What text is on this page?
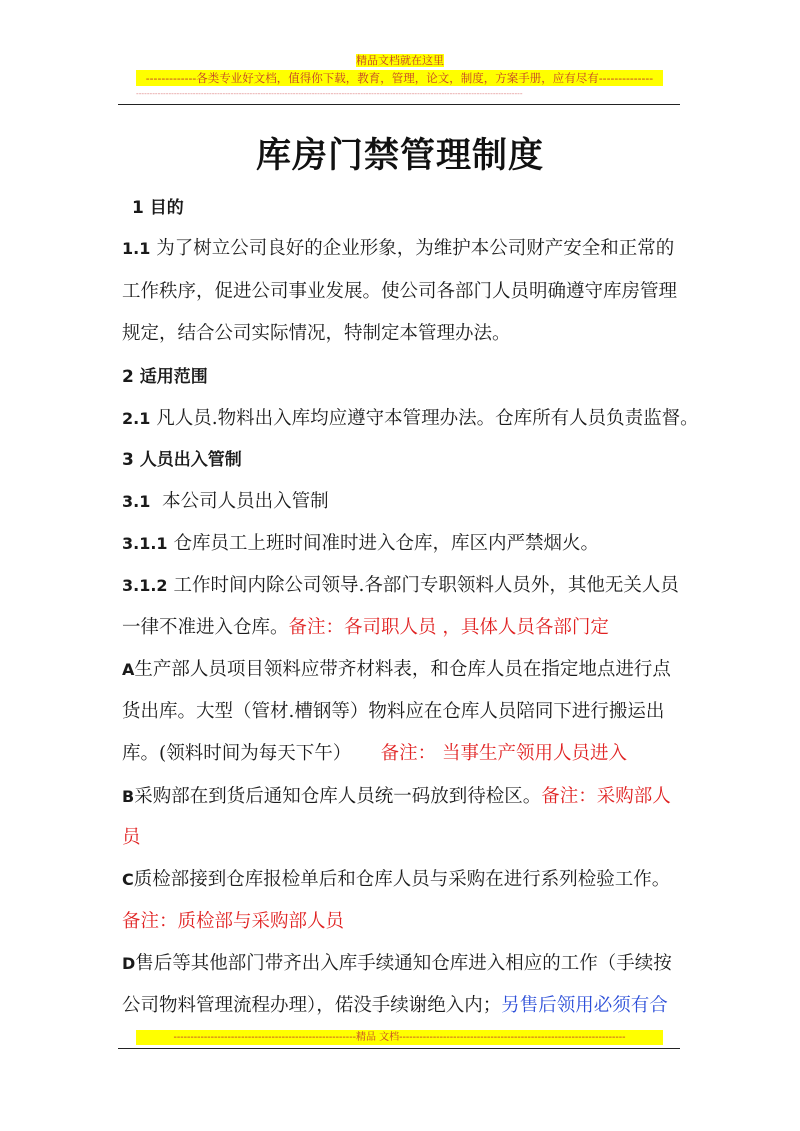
精品文档就在这里
-------------各类专业好文档，值得你下载，教育，管理，论文，制度，方案手册，应有尽有--------------
-----------------------------------------------------------------------------------------------------------------------------------------------
库房门禁管理制度
1 目的
1.1 为了树立公司良好的企业形象，为维护本公司财产安全和正常的
工作秩序，促进公司事业发展。使公司各部门人员明确遵守库房管理
规定，结合公司实际情况，特制定本管理办法。
2 适用范围
2.1 凡人员.物料出入库均应遵守本管理办法。仓库所有人员负责监督。
3 人员出入管制
3.1 本公司人员出入管制
3.1.1 仓库员工上班时间准时进入仓库，库区内严禁烟火。
3.1.2 工作时间内除公司领导.各部门专职领料人员外，其他无关人员
一律不准进入仓库。备注：各司职人员 ，具体人员各部门定
A生产部人员项目领料应带齐材料表，和仓库人员在指定地点进行点
货出库。大型（管材.槽钢等）物料应在仓库人员陪同下进行搬运出
库。(领料时间为每天下午） 备注： 当事生产领用人员进入
B采购部在到货后通知仓库人员统一码放到待检区。备注：采购部人
员
C质检部接到仓库报检单后和仓库人员与采购在进行系列检验工作。
备注：质检部与采购部人员
D售后等其他部门带齐出入库手续通知仓库进入相应的工作（手续按
公司物料管理流程办理），偌没手续谢绝入内；另售后领用必须有合
------------------------------------------------------精品 文档-------------------------------------------------------------------
